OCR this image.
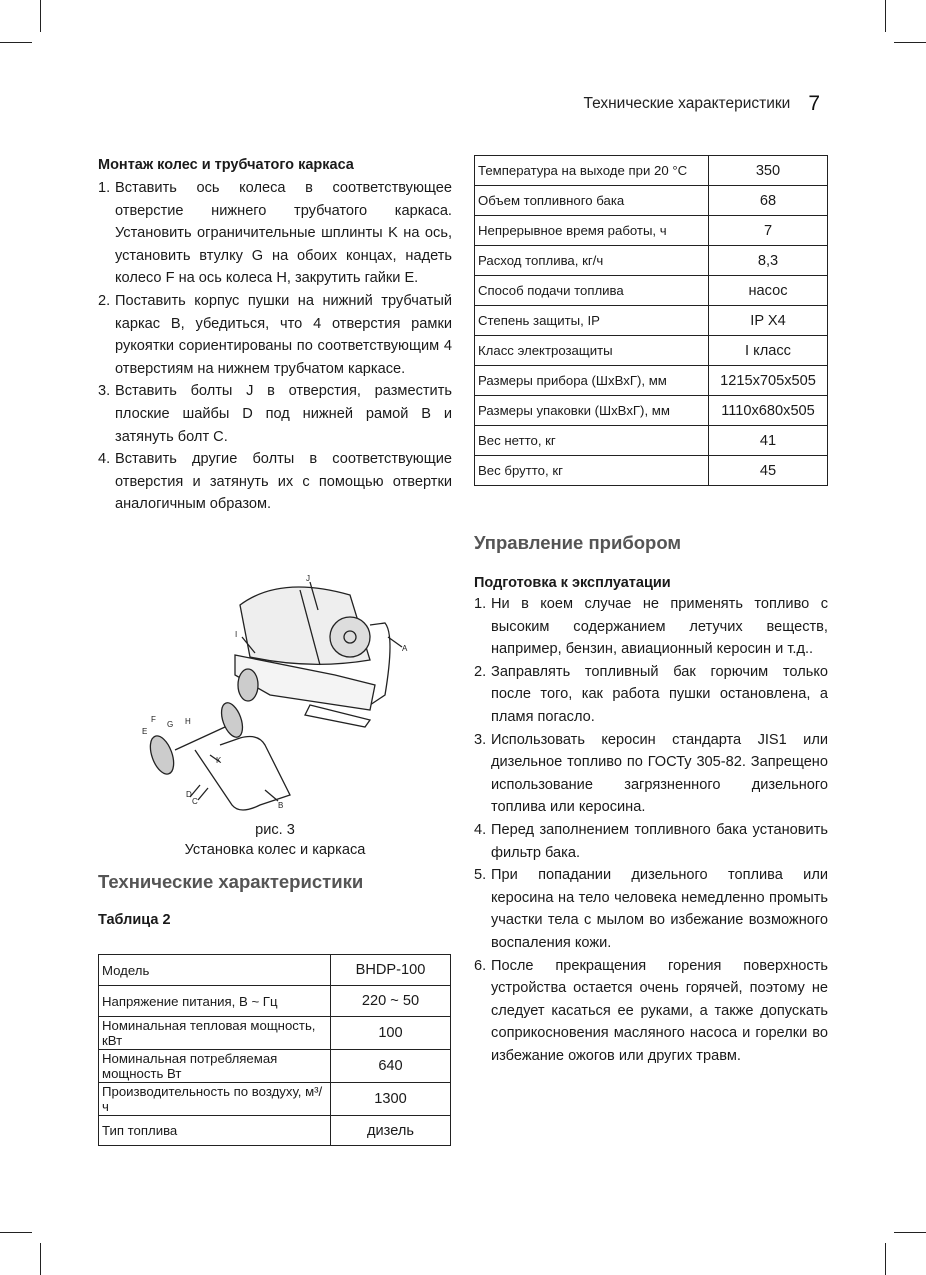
Технические характеристики 7
Монтаж колес и трубчатого каркаса
1. Вставить ось колеса в соответствующее отверстие нижнего трубчатого каркаса. Установить ограничительные шплинты K на ось, установить втулку G на обоих концах, надеть колесо F на ось колеса H, закрутить гайки E.
2. Поставить корпус пушки на нижний трубчатый каркас B, убедиться, что 4 отверстия рамки рукоятки сориентированы по соответствующим 4 отверстиям на нижнем трубчатом каркасе.
3. Вставить болты J в отверстия, разместить плоские шайбы D под нижней рамой B и затянуть болт C.
4. Вставить другие болты в соответствующие отверстия и затянуть их с помощью отвертки аналогичным образом.
J
I
A
F
G H
E
K
D
C	B
рис. 3
Установка колес и каркаса
Технические характеристики
Таблица 2
Модель	BHDP-100
Напряжение питания, В ~ Гц	220 ~ 50
Номинальная тепловая мощность, кВт	100
Номинальная потребляемая мощность Вт	640
Производительность по воздуху, м³/ч	1300
Тип топлива	дизель
Температура на выходе при 20 °С	350
Объем топливного бака	68
Непрерывное время работы, ч	7
Расход топлива, кг/ч	8,3
Способ подачи топлива	насос
Степень защиты, IP	IP X4
Класс электрозащиты	I класс
Размеры прибора (ШхВхГ), мм	1215x705x505
Размеры упаковки (ШхВхГ), мм	1110x680x505
Вес нетто, кг	41
Вес брутто, кг	45
Управление прибором
Подготовка к эксплуатации
1. Ни в коем случае не применять топливо с высоким содержанием летучих веществ, например, бензин, авиационный керосин и т.д..
2. Заправлять топливный бак горючим только после того, как работа пушки остановлена, а пламя погасло.
3. Использовать керосин стандарта JIS1 или дизельное топливо по ГОСТу 305-82. Запрещено использование загрязненного дизельного топлива или керосина.
4. Перед заполнением топливного бака установить фильтр бака.
5. При попадании дизельного топлива или керосина на тело человека немедленно промыть участки тела с мылом во избежание возможного воспаления кожи.
6. После прекращения горения поверхность устройства остается очень горячей, поэтому не следует касаться ее руками, а также допускать соприкосновения масляного насоса и горелки во избежание ожогов или других травм.
